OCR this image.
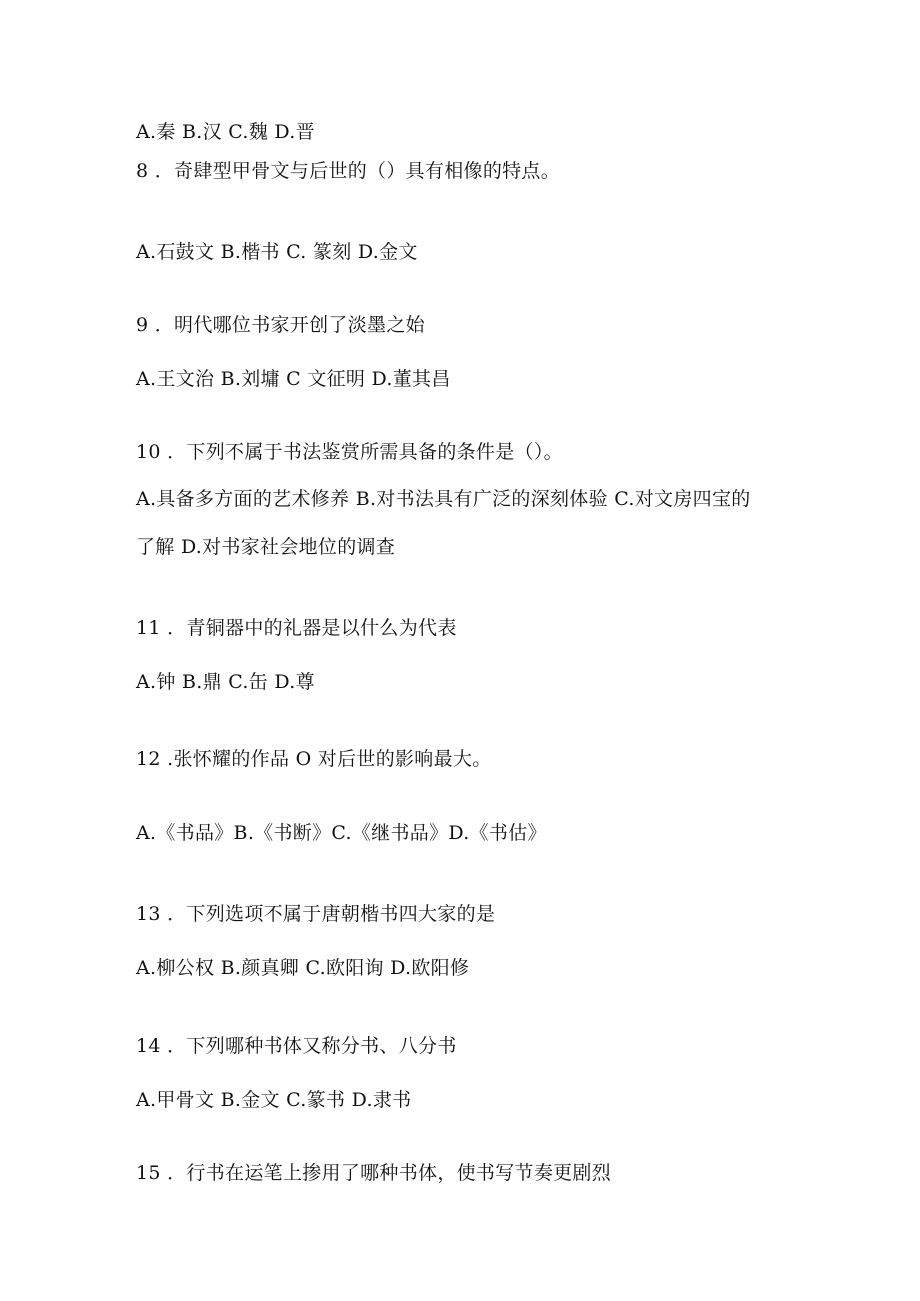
A.秦 B.汉 C.魏 D.晋
8 ．奇肆型甲骨文与后世的（）具有相像的特点。
A.石鼓文 B.楷书 C. 篆刻 D.金文
9 ．明代哪位书家开创了淡墨之始
A.王文治 B.刘墉 C 文征明 D.董其昌
10 ．下列不属于书法鉴赏所需具备的条件是（）。
A.具备多方面的艺术修养 B.对书法具有广泛的深刻体验 C.对文房四宝的
了解 D.对书家社会地位的调查
11 ．青铜器中的礼器是以什么为代表
A.钟 B.鼎 C.缶 D.尊
12 .张怀耀的作品 O 对后世的影响最大。
A.《书品》B.《书断》C.《继书品》D.《书估》
13 ．下列选项不属于唐朝楷书四大家的是
A.柳公权 B.颜真卿 C.欧阳询 D.欧阳修
14 ．下列哪种书体又称分书、八分书
A.甲骨文 B.金文 C.篆书 D.隶书
15 ．行书在运笔上掺用了哪种书体，使书写节奏更剧烈
